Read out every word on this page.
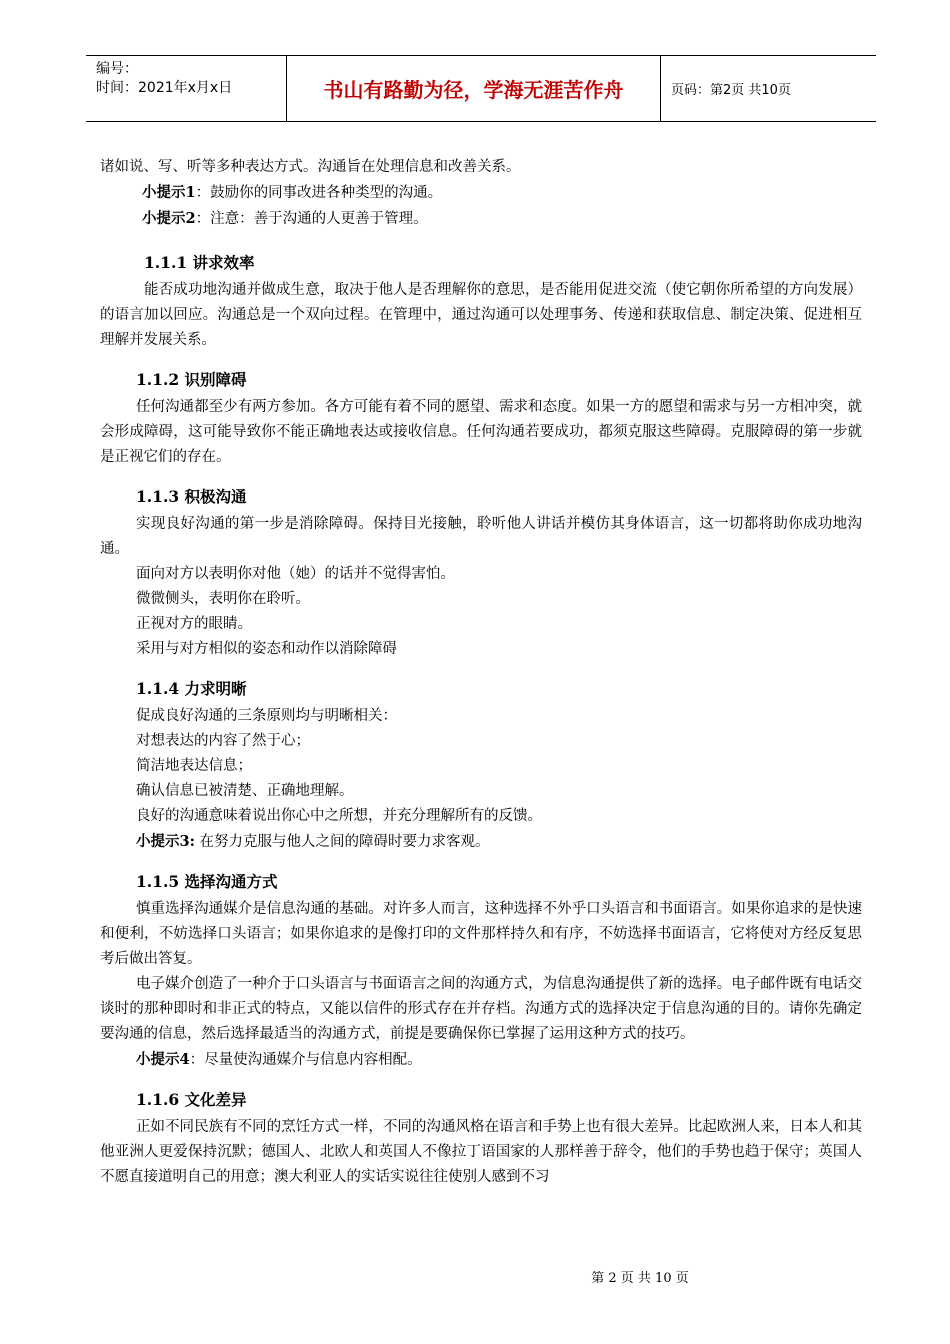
编号：
时间：2021年x月x日	书山有路勤为径，学海无涯苦作舟	页码：第2页 共10页

诸如说、写、听等多种表达方式。沟通旨在处理信息和改善关系。

小提示1：鼓励你的同事改进各种类型的沟通。

小提示2：注意：善于沟通的人更善于管理。

1.1.1 讲求效率

能否成功地沟通并做成生意，取决于他人是否理解你的意思，是否能用促进交流（使它朝你所希望的方向发展）的语言加以回应。沟通总是一个双向过程。在管理中，通过沟通可以处理事务、传递和获取信息、制定决策、促进相互理解并发展关系。

1.1.2 识别障碍

任何沟通都至少有两方参加。各方可能有着不同的愿望、需求和态度。如果一方的愿望和需求与另一方相冲突，就会形成障碍，这可能导致你不能正确地表达或接收信息。任何沟通若要成功，都须克服这些障碍。克服障碍的第一步就是正视它们的存在。

1.1.3 积极沟通

实现良好沟通的第一步是消除障碍。保持目光接触，聆听他人讲话并模仿其身体语言，这一切都将助你成功地沟通。

面向对方以表明你对他（她）的话并不觉得害怕。

微微侧头，表明你在聆听。

正视对方的眼睛。

采用与对方相似的姿态和动作以消除障碍

1.1.4 力求明晰

促成良好沟通的三条原则均与明晰相关：

对想表达的内容了然于心；

简洁地表达信息；

确认信息已被清楚、正确地理解。

良好的沟通意味着说出你心中之所想，并充分理解所有的反馈。

小提示3: 在努力克服与他人之间的障碍时要力求客观。

1.1.5 选择沟通方式

慎重选择沟通媒介是信息沟通的基础。对许多人而言，这种选择不外乎口头语言和书面语言。如果你追求的是快速和便利，不妨选择口头语言；如果你追求的是像打印的文件那样持久和有序，不妨选择书面语言，它将使对方经反复思考后做出答复。

电子媒介创造了一种介于口头语言与书面语言之间的沟通方式，为信息沟通提供了新的选择。电子邮件既有电话交谈时的那种即时和非正式的特点，又能以信件的形式存在并存档。沟通方式的选择决定于信息沟通的目的。请你先确定要沟通的信息，然后选择最适当的沟通方式，前提是要确保你已掌握了运用这种方式的技巧。

小提示4：尽量使沟通媒介与信息内容相配。

1.1.6 文化差异

正如不同民族有不同的烹饪方式一样，不同的沟通风格在语言和手势上也有很大差异。比起欧洲人来，日本人和其他亚洲人更爱保持沉默；德国人、北欧人和英国人不像拉丁语国家的人那样善于辞令，他们的手势也趋于保守；英国人不愿直接道明自己的用意；澳大利亚人的实话实说往往使别人感到不习

第 2 页 共 10 页
